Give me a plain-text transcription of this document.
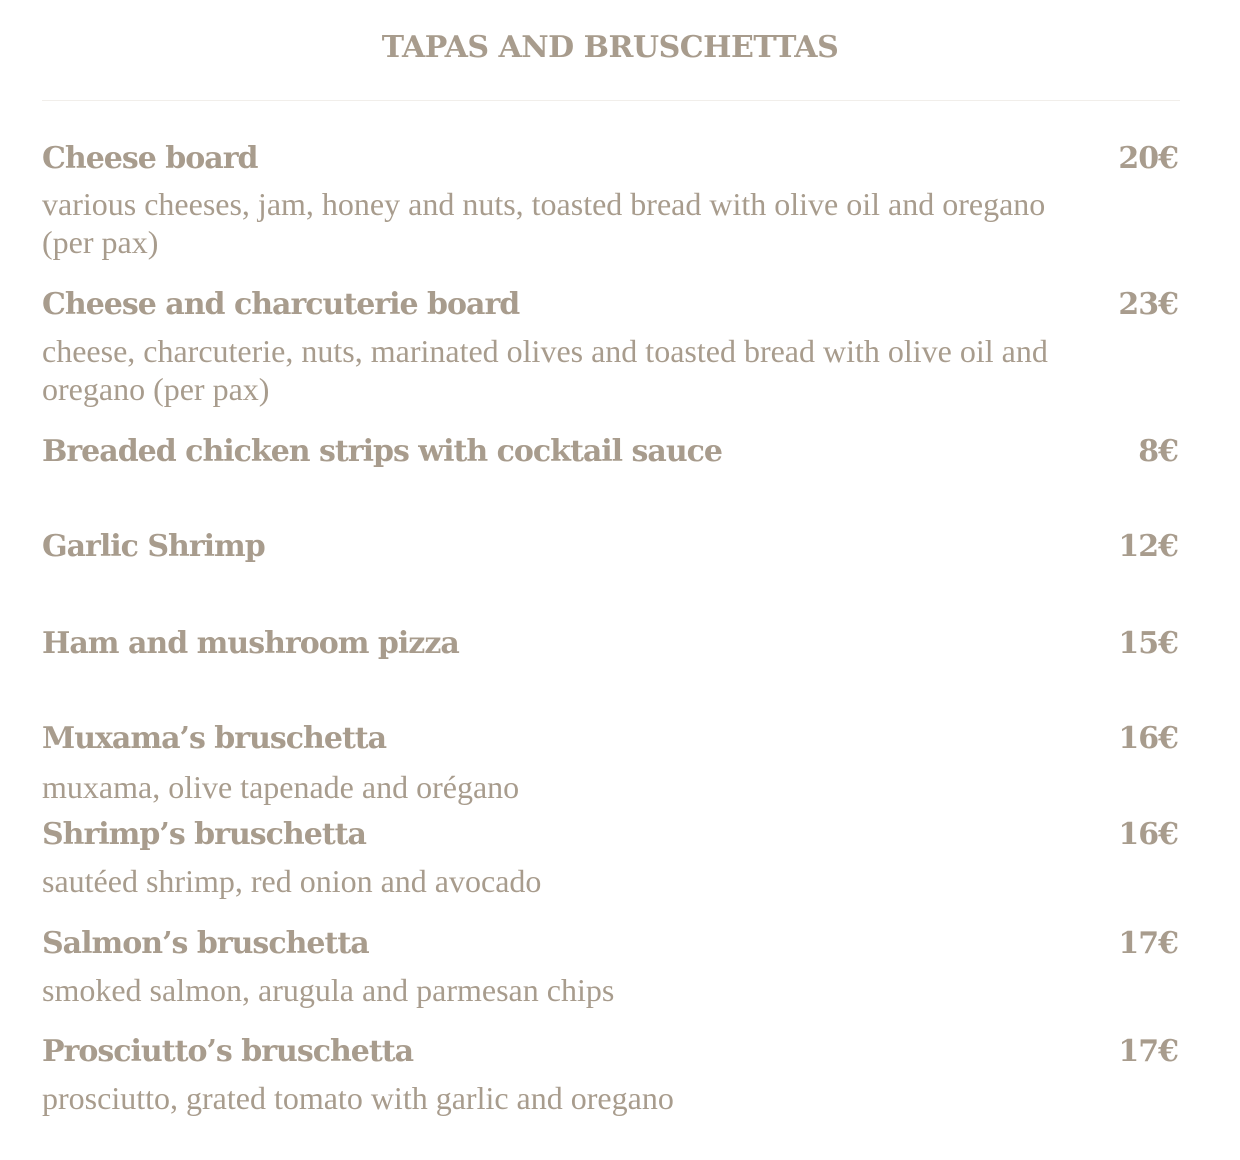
TAPAS AND BRUSCHETTAS
Cheese board	20€
various cheeses, jam, honey and nuts, toasted bread with olive oil and oregano (per pax)
Cheese and charcuterie board	23€
cheese, charcuterie, nuts, marinated olives and toasted bread with olive oil and oregano (per pax)
Breaded chicken strips with cocktail sauce	8€
Garlic Shrimp	12€
Ham and mushroom pizza	15€
Muxama’s bruschetta	16€
muxama, olive tapenade and orégano
Shrimp’s bruschetta	16€
sautéed shrimp, red onion and avocado
Salmon’s bruschetta	17€
smoked salmon, arugula and parmesan chips
Prosciutto’s bruschetta	17€
prosciutto, grated tomato with garlic and oregano
